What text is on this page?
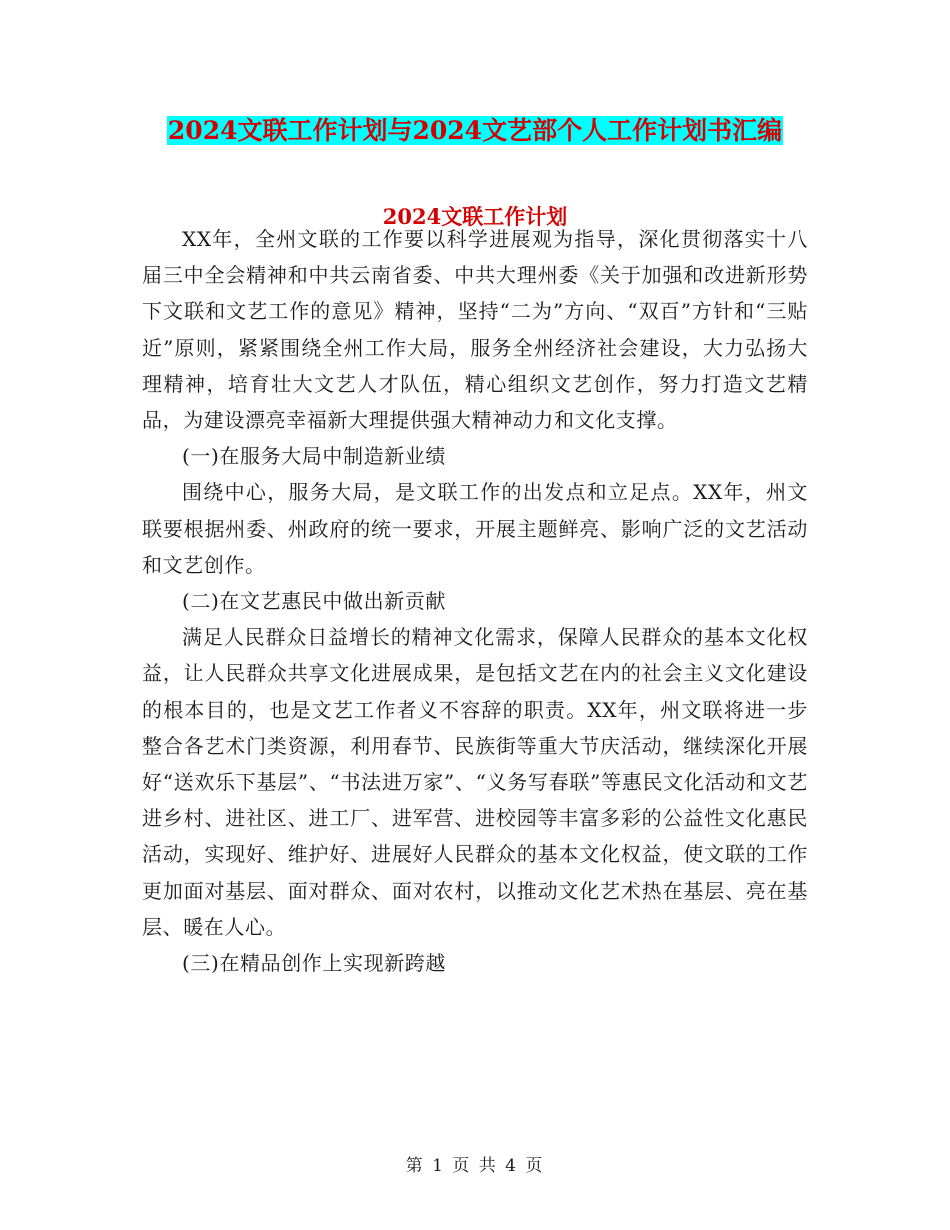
2024文联工作计划与2024文艺部个人工作计划书汇编
2024文联工作计划

XX年，全州文联的工作要以科学进展观为指导，深化贯彻落实十八届三中全会精神和中共云南省委、中共大理州委《关于加强和改进新形势下文联和文艺工作的意见》精神，坚持“二为”方向、“双百”方针和“三贴近”原则，紧紧围绕全州工作大局，服务全州经济社会建设，大力弘扬大理精神，培育壮大文艺人才队伍，精心组织文艺创作，努力打造文艺精品，为建设漂亮幸福新大理提供强大精神动力和文化支撑。

(一)在服务大局中制造新业绩

围绕中心，服务大局，是文联工作的出发点和立足点。XX年，州文联要根据州委、州政府的统一要求，开展主题鲜亮、影响广泛的文艺活动和文艺创作。

(二)在文艺惠民中做出新贡献

满足人民群众日益增长的精神文化需求，保障人民群众的基本文化权益，让人民群众共享文化进展成果，是包括文艺在内的社会主义文化建设的根本目的，也是文艺工作者义不容辞的职责。XX年，州文联将进一步整合各艺术门类资源，利用春节、民族街等重大节庆活动，继续深化开展好“送欢乐下基层”、“书法进万家”、“义务写春联”等惠民文化活动和文艺进乡村、进社区、进工厂、进军营、进校园等丰富多彩的公益性文化惠民活动，实现好、维护好、进展好人民群众的基本文化权益，使文联的工作更加面对基层、面对群众、面对农村，以推动文化艺术热在基层、亮在基层、暖在人心。

(三)在精品创作上实现新跨越

第 1 页 共 4 页
